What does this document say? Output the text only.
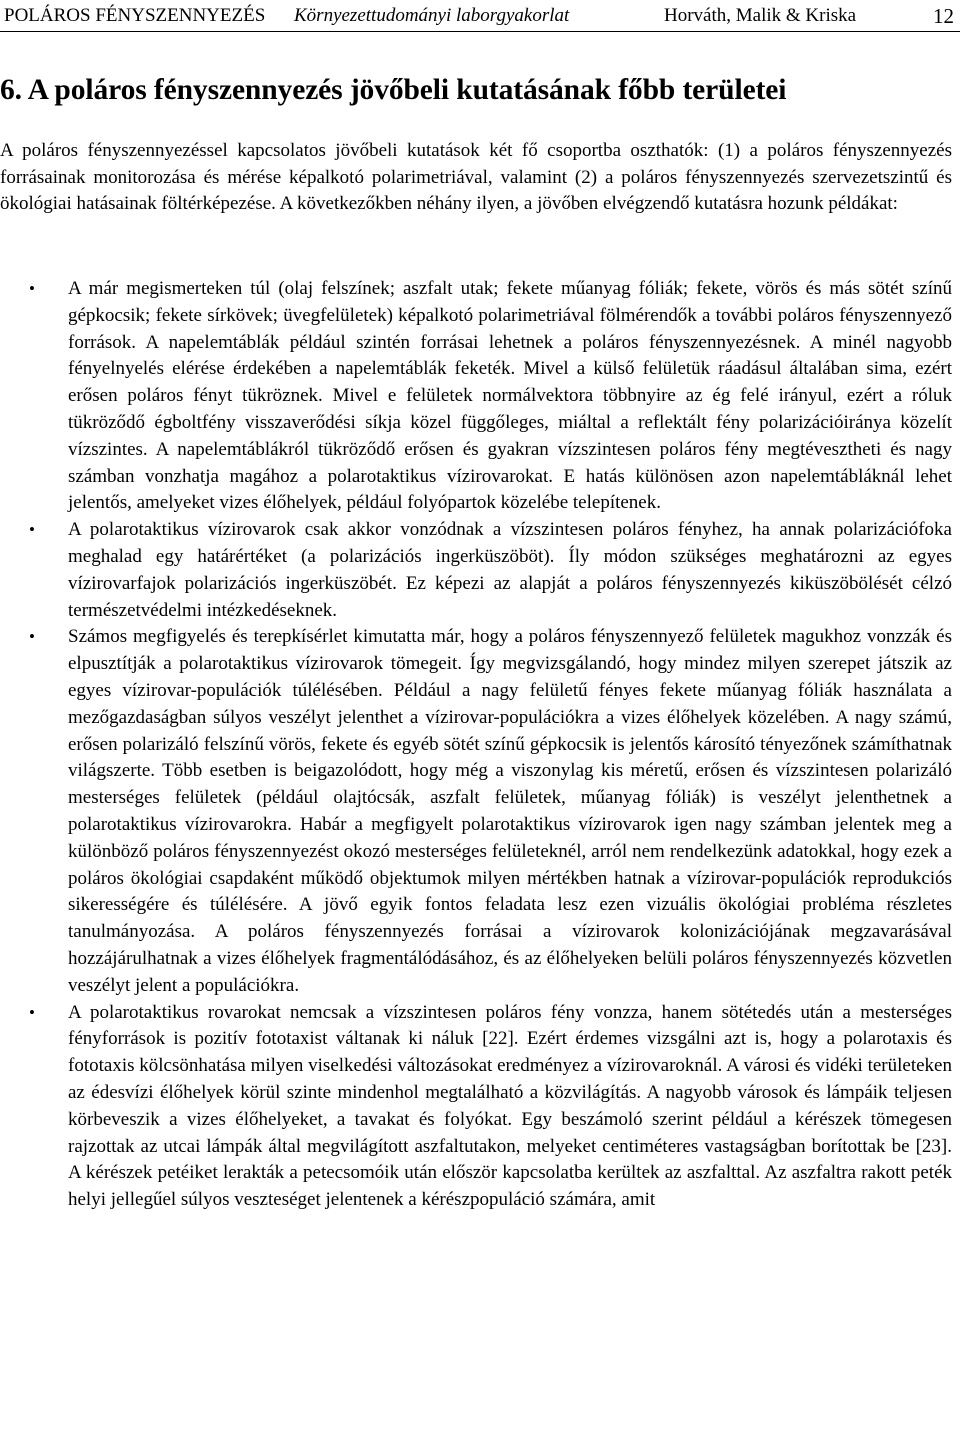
POLÁROS FÉNYSZENNYEZÉS	Környezettudományi laborgyakorlat	Horváth, Malik & Kriska	12
6. A poláros fényszennyezés jövőbeli kutatásának főbb területei

A poláros fényszennyezéssel kapcsolatos jövőbeli kutatások két fő csoportba oszthatók: (1) a poláros fényszennyezés forrásainak monitorozása és mérése képalkotó polarimetriával, valamint (2) a poláros fényszennyezés szervezetszintű és ökológiai hatásainak föltérképezése. A következőkben néhány ilyen, a jövőben elvégzendő kutatásra hozunk példákat:

•	A már megismerteken túl (olaj felszínek; aszfalt utak; fekete műanyag fóliák; fekete, vörös és más sötét színű gépkocsik; fekete sírkövek; üvegfelületek) képalkotó polarimetriával fölmérendők a további poláros fényszennyező források. A napelemtáblák például szintén forrásai lehetnek a poláros fényszennyezésnek. A minél nagyobb fényelnyelés elérése érdekében a napelemtáblák feketék. Mivel a külső felületük ráadásul általában sima, ezért erősen poláros fényt tükröznek. Mivel e felületek normálvektora többnyire az ég felé irányul, ezért a róluk tükröződő égboltfény visszaverődési síkja közel függőleges, miáltal a reflektált fény polarizációiránya közelít vízszintes. A napelemtáblákról tükröződő erősen és gyakran vízszintesen poláros fény megtévesztheti és nagy számban vonzhatja magához a polarotaktikus vízirovarokat. E hatás különösen azon napelemtábláknál lehet jelentős, amelyeket vizes élőhelyek, például folyópartok közelébe telepítenek.
•	A polarotaktikus vízirovarok csak akkor vonzódnak a vízszintesen poláros fényhez, ha annak polarizációfoka meghalad egy határértéket (a polarizációs ingerküszöböt). Íly módon szükséges meghatározni az egyes vízirovarfajok polarizációs ingerküszöbét. Ez képezi az alapját a poláros fényszennyezés kiküszöbölését célzó természetvédelmi intézkedéseknek.
•	Számos megfigyelés és terepkísérlet kimutatta már, hogy a poláros fényszennyező felületek magukhoz vonzzák és elpusztítják a polarotaktikus vízirovarok tömegeit. Így megvizsgálandó, hogy mindez milyen szerepet játszik az egyes vízirovar-populációk túlélésében. Például a nagy felületű fényes fekete műanyag fóliák használata a mezőgazdaságban súlyos veszélyt jelenthet a vízirovar-populációkra a vizes élőhelyek közelében. A nagy számú, erősen polarizáló felszínű vörös, fekete és egyéb sötét színű gépkocsik is jelentős károsító tényezőnek számíthatnak világszerte. Több esetben is beigazolódott, hogy még a viszonylag kis méretű, erősen és vízszintesen polarizáló mesterséges felületek (például olajtócsák, aszfalt felületek, műanyag fóliák) is veszélyt jelenthetnek a polarotaktikus vízirovarokra. Habár a megfigyelt polarotaktikus vízirovarok igen nagy számban jelentek meg a különböző poláros fényszennyezést okozó mesterséges felületeknél, arról nem rendelkezünk adatokkal, hogy ezek a poláros ökológiai csapdaként működő objektumok milyen mértékben hatnak a vízirovar-populációk reprodukciós sikerességére és túlélésére. A jövő egyik fontos feladata lesz ezen vizuális ökológiai probléma részletes tanulmányozása. A poláros fényszennyezés forrásai a vízirovarok kolonizációjának megzavarásával hozzájárulhatnak a vizes élőhelyek fragmentálódásához, és az élőhelyeken belüli poláros fényszennyezés közvetlen veszélyt jelent a populációkra.
•	A polarotaktikus rovarokat nemcsak a vízszintesen poláros fény vonzza, hanem sötétedés után a mesterséges fényforrások is pozitív fototaxist váltanak ki náluk [22]. Ezért érdemes vizsgálni azt is, hogy a polarotaxis és fototaxis kölcsönhatása milyen viselkedési változásokat eredményez a vízirovaroknál. A városi és vidéki területeken az édesvízi élőhelyek körül szinte mindenhol megtalálható a közvilágítás. A nagyobb városok és lámpáik teljesen körbeveszik a vizes élőhelyeket, a tavakat és folyókat. Egy beszámoló szerint például a kérészek tömegesen rajzottak az utcai lámpák által megvilágított aszfaltutakon, melyeket centiméteres vastagságban borítottak be [23]. A kérészek petéiket lerakták a petecsomóik után először kapcsolatba kerültek az aszfalttal. Az aszfaltra rakott peték helyi jellegűel súlyos veszteséget jelentenek a kérészpopuláció számára, amit
